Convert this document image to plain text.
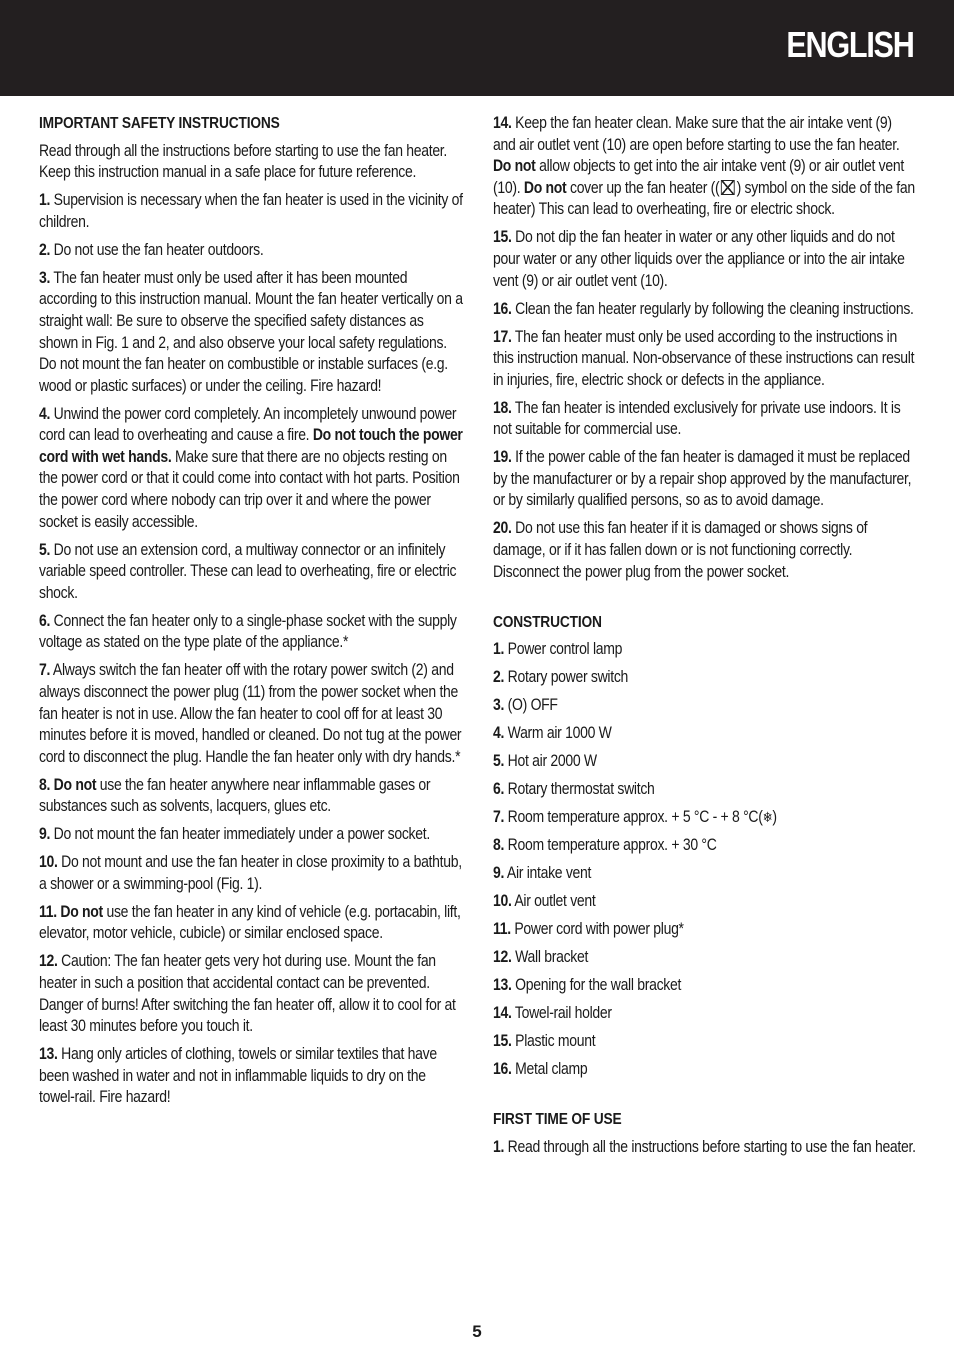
ENGLISH
IMPORTANT SAFETY INSTRUCTIONS

Read through all the instructions before starting to use the fan heater. Keep this instruction manual in a safe place for future reference.

1. Supervision is necessary when the fan heater is used in the vicinity of children.

2. Do not use the fan heater outdoors.

3. The fan heater must only be used after it has been mounted according to this instruction manual. Mount the fan heater vertically on a straight wall: Be sure to observe the specified safety distances as shown in Fig. 1 and 2, and also observe your local safety regulations. Do not mount the fan heater on combustible or instable surfaces (e.g. wood or plastic surfaces) or under the ceiling. Fire hazard!

4. Unwind the power cord completely. An incompletely unwound power cord can lead to overheating and cause a fire. Do not touch the power cord with wet hands. Make sure that there are no objects resting on the power cord or that it could come into contact with hot parts. Position the power cord where nobody can trip over it and where the power socket is easily accessible.

5. Do not use an extension cord, a multiway connector or an infinitely variable speed controller. These can lead to overheating, fire or electric shock.

6. Connect the fan heater only to a single-phase socket with the supply voltage as stated on the type plate of the appliance.*

7. Always switch the fan heater off with the rotary power switch (2) and always disconnect the power plug (11) from the power socket when the fan heater is not in use. Allow the fan heater to cool off for at least 30 minutes before it is moved, handled or cleaned. Do not tug at the power cord to disconnect the plug. Handle the fan heater only with dry hands.*

8. Do not use the fan heater anywhere near inflammable gases or substances such as solvents, lacquers, glues etc.

9. Do not mount the fan heater immediately under a power socket.

10. Do not mount and use the fan heater in close proximity to a bathtub, a shower or a swimming-pool (Fig. 1).

11. Do not use the fan heater in any kind of vehicle (e.g. portacabin, lift, elevator, motor vehicle, cubicle) or similar enclosed space.

12. Caution: The fan heater gets very hot during use. Mount the fan heater in such a position that accidental contact can be prevented. Danger of burns! After switching the fan heater off, allow it to cool for at least 30 minutes before you touch it.

13. Hang only articles of clothing, towels or similar textiles that have been washed in water and not in inflammable liquids to dry on the towel-rail. Fire hazard!

14. Keep the fan heater clean. Make sure that the air intake vent (9) and air outlet vent (10) are open before starting to use the fan heater. Do not allow objects to get into the air intake vent (9) or air outlet vent (10). Do not cover up the fan heater (( ) symbol on the side of the fan heater) This can lead to overheating, fire or electric shock.

15. Do not dip the fan heater in water or any other liquids and do not pour water or any other liquids over the appliance or into the air intake vent (9) or air outlet vent (10).

16. Clean the fan heater regularly by following the cleaning instructions.

17. The fan heater must only be used according to the instructions in this instruction manual. Non-observance of these instructions can result in injuries, fire, electric shock or defects in the appliance.

18. The fan heater is intended exclusively for private use indoors. It is not suitable for commercial use.

19. If the power cable of the fan heater is damaged it must be replaced by the manufacturer or by a repair shop approved by the manufacturer, or by similarly qualified persons, so as to avoid damage.

20. Do not use this fan heater if it is damaged or shows signs of damage, or if it has fallen down or is not functioning correctly. Disconnect the power plug from the power socket.

CONSTRUCTION
1. Power control lamp
2. Rotary power switch
3. (O) OFF
4. Warm air 1000 W
5. Hot air 2000 W
6. Rotary thermostat switch
7. Room temperature approx. + 5 °C - + 8 °C(❄)
8. Room temperature approx. + 30 °C
9. Air intake vent
10. Air outlet vent
11. Power cord with power plug*
12. Wall bracket
13. Opening for the wall bracket
14. Towel-rail holder
15. Plastic mount
16. Metal clamp
FIRST TIME OF USE

1. Read through all the instructions before starting to use the fan heater.

5
